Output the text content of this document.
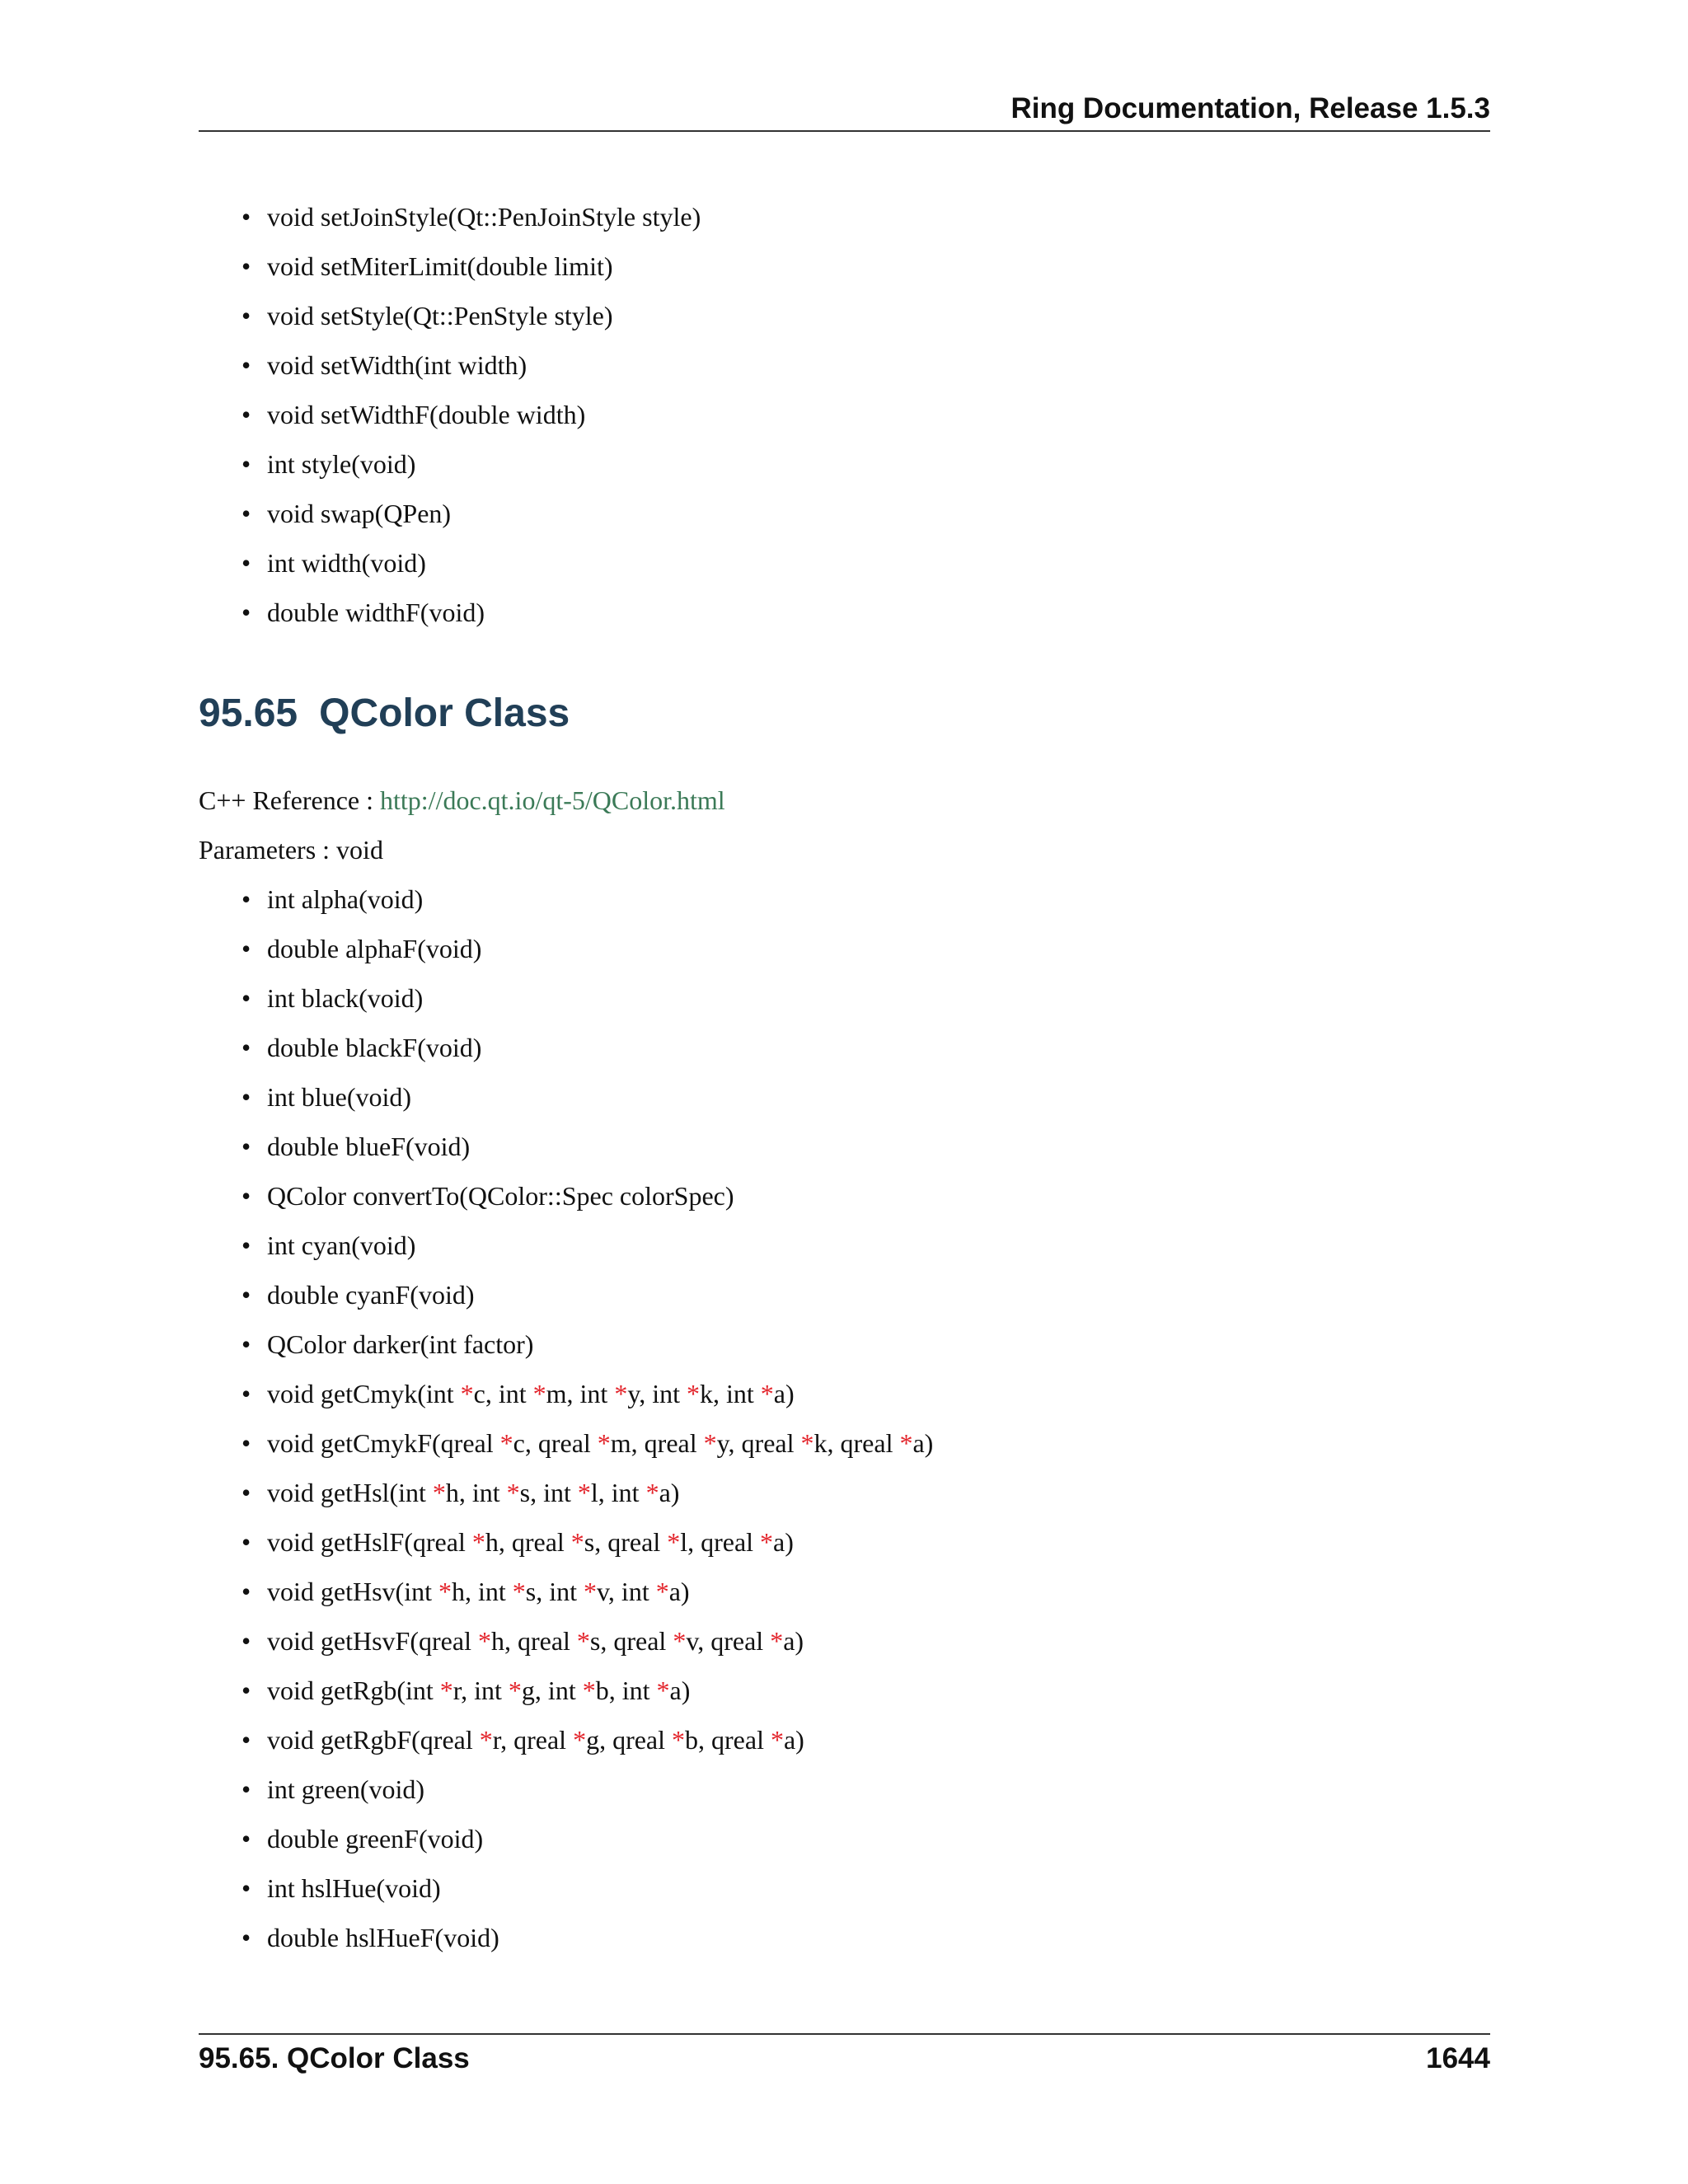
Ring Documentation, Release 1.5.3
• void setJoinStyle(Qt::PenJoinStyle style)
• void setMiterLimit(double limit)
• void setStyle(Qt::PenStyle style)
• void setWidth(int width)
• void setWidthF(double width)
• int style(void)
• void swap(QPen)
• int width(void)
• double widthF(void)
95.65 QColor Class
C++ Reference : http://doc.qt.io/qt-5/QColor.html
Parameters : void
• int alpha(void)
• double alphaF(void)
• int black(void)
• double blackF(void)
• int blue(void)
• double blueF(void)
• QColor convertTo(QColor::Spec colorSpec)
• int cyan(void)
• double cyanF(void)
• QColor darker(int factor)
• void getCmyk(int *c, int *m, int *y, int *k, int *a)
• void getCmykF(qreal *c, qreal *m, qreal *y, qreal *k, qreal *a)
• void getHsl(int *h, int *s, int *l, int *a)
• void getHslF(qreal *h, qreal *s, qreal *l, qreal *a)
• void getHsv(int *h, int *s, int *v, int *a)
• void getHsvF(qreal *h, qreal *s, qreal *v, qreal *a)
• void getRgb(int *r, int *g, int *b, int *a)
• void getRgbF(qreal *r, qreal *g, qreal *b, qreal *a)
• int green(void)
• double greenF(void)
• int hslHue(void)
• double hslHueF(void)
95.65. QColor Class	1644
